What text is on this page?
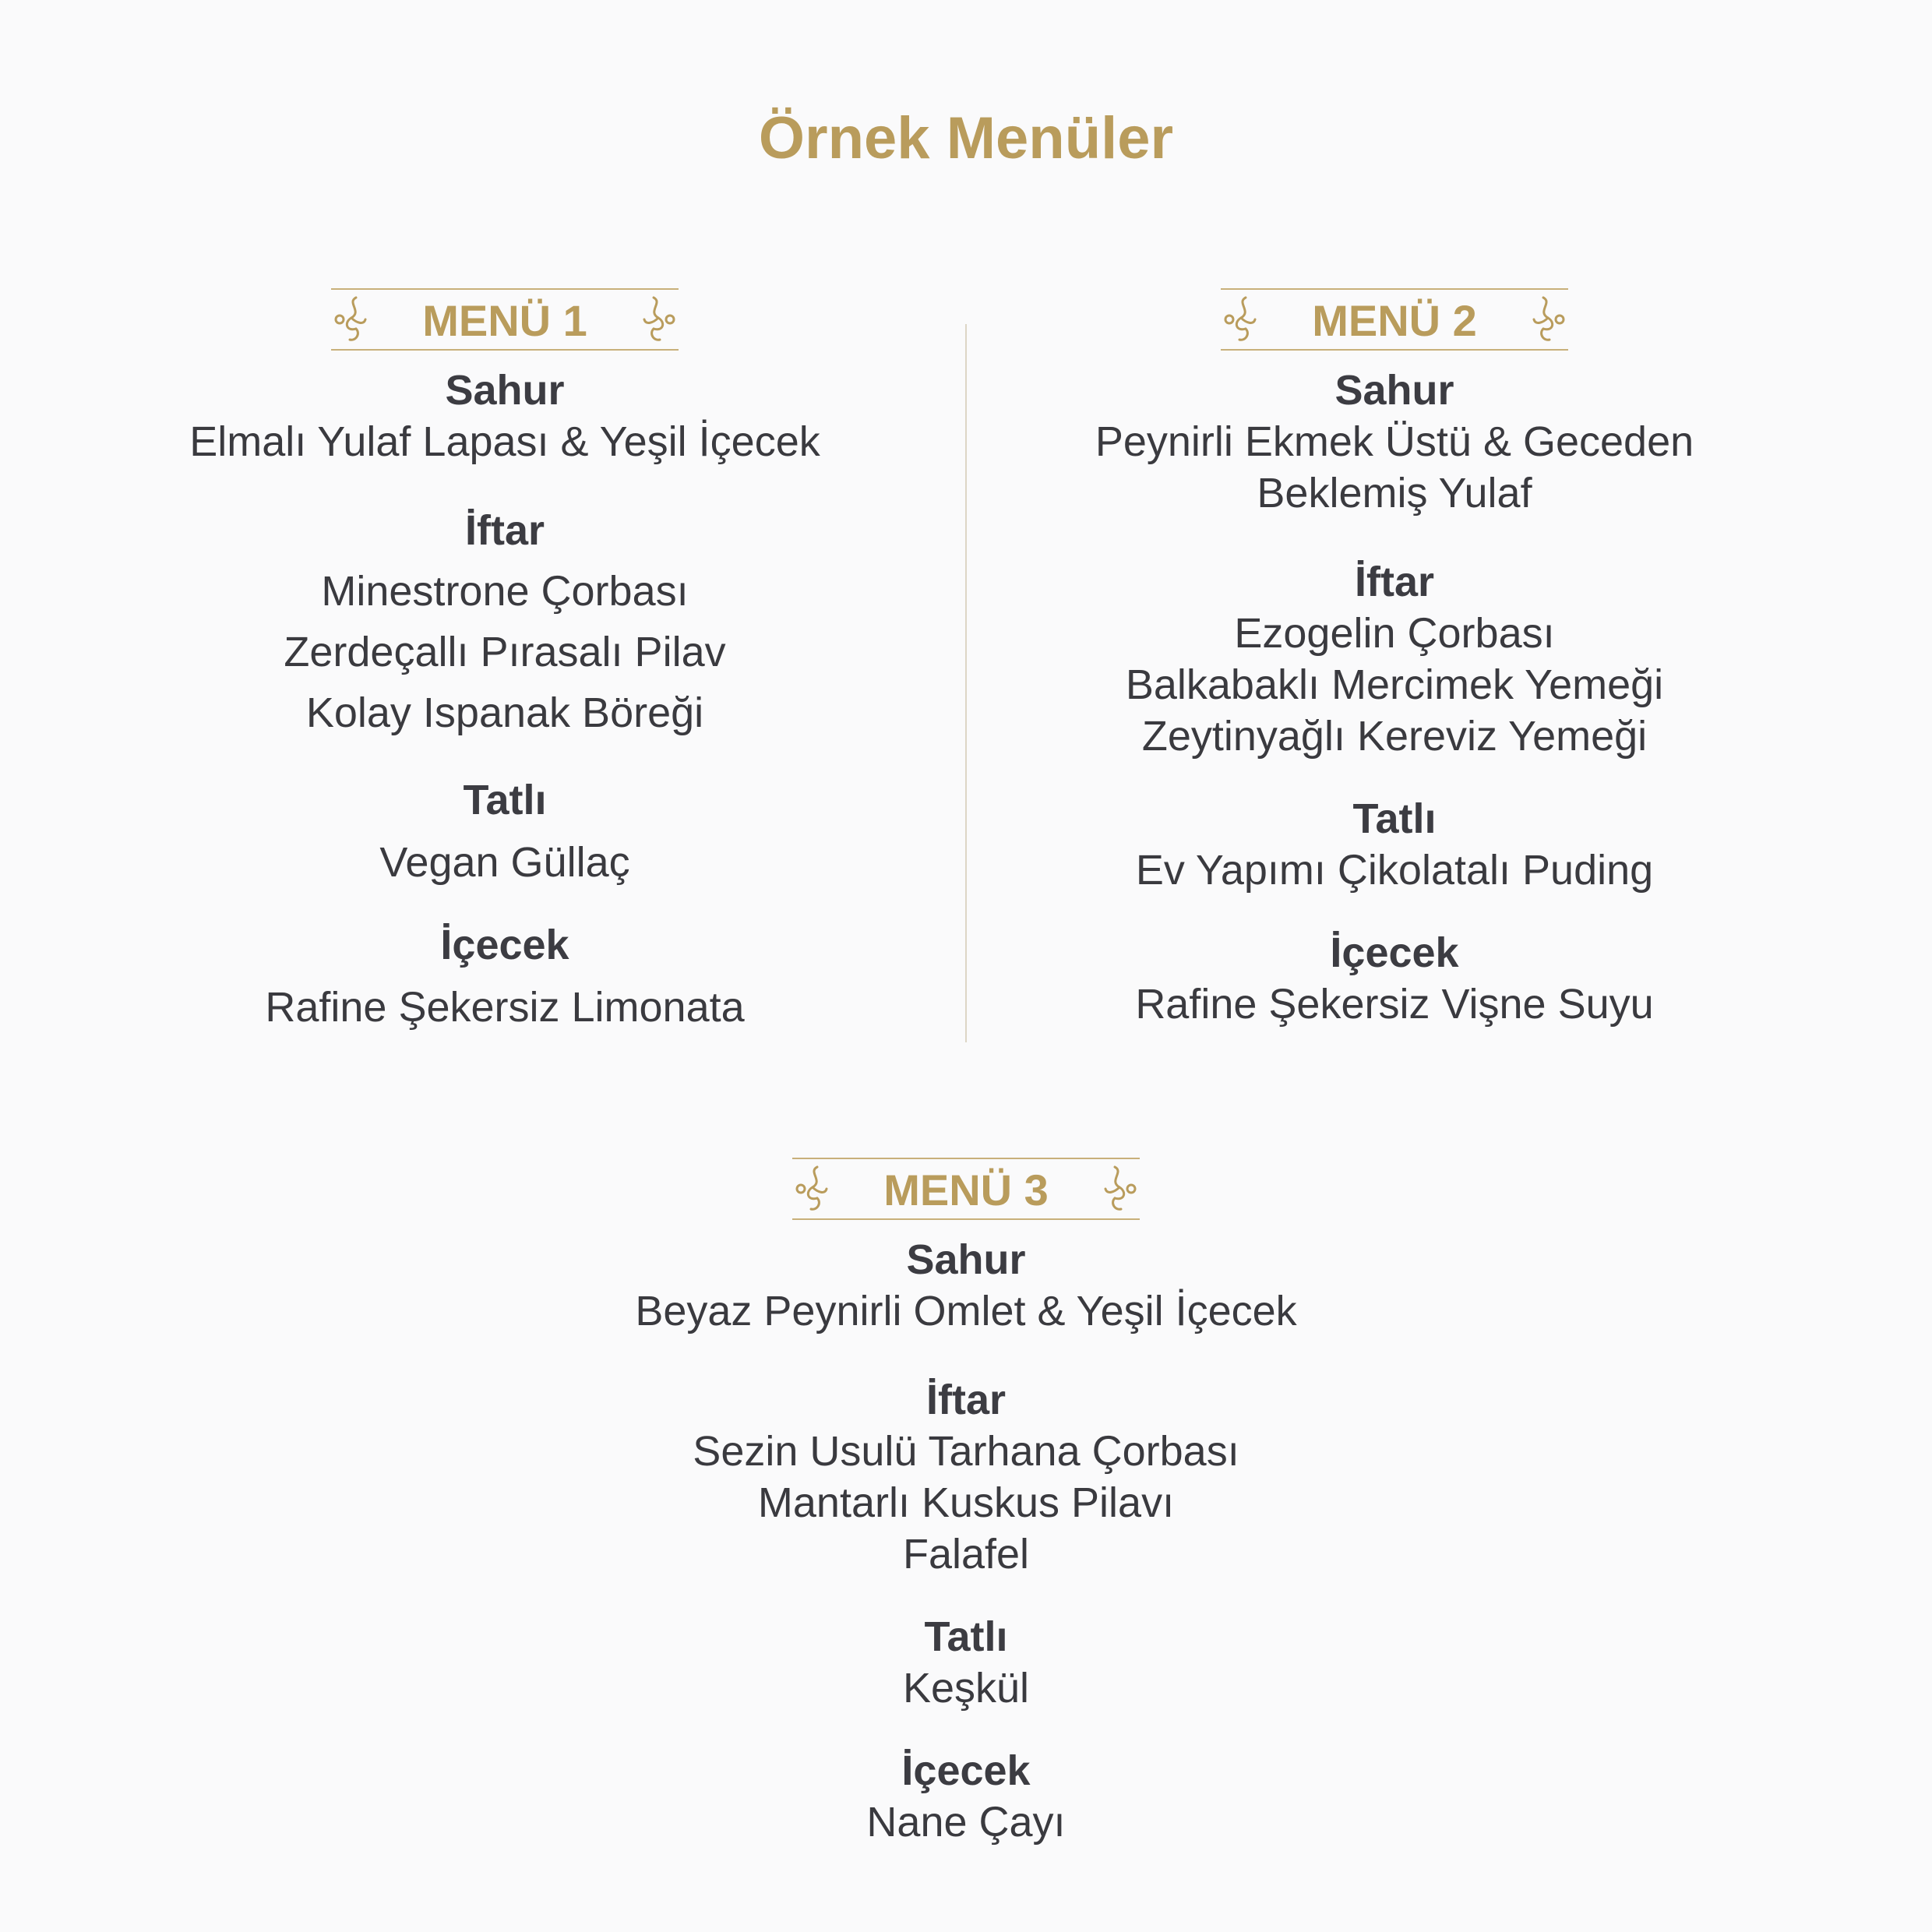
Örnek Menüler
MENÜ 1

Sahur

Elmalı Yulaf Lapası & Yeşil İçecek

İftar

Minestrone Çorbası

Zerdeçallı Pırasalı Pilav

Kolay Ispanak Böreği

Tatlı

Vegan Güllaç

İçecek

Rafine Şekersiz Limonata

MENÜ 2

Sahur

Peynirli Ekmek Üstü & Geceden

Beklemiş Yulaf

İftar

Ezogelin Çorbası

Balkabaklı Mercimek Yemeği

Zeytinyağlı Kereviz Yemeği

Tatlı

Ev Yapımı Çikolatalı Puding

İçecek

Rafine Şekersiz Vişne Suyu

MENÜ 3

Sahur

Beyaz Peynirli Omlet & Yeşil İçecek

İftar

Sezin Usulü Tarhana Çorbası

Mantarlı Kuskus Pilavı

Falafel

Tatlı

Keşkül

İçecek

Nane Çayı
